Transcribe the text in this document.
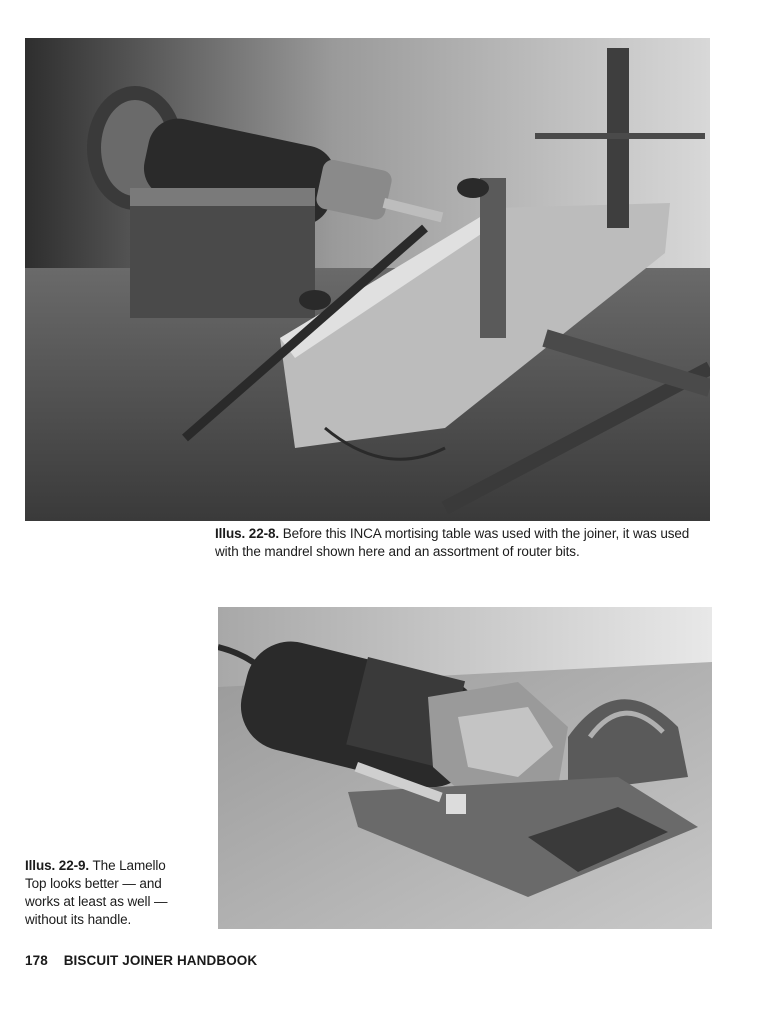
Illus. 22-8. Before this INCA mortising table was used with the joiner, it was used with the mandrel shown here and an assortment of router bits.
Illus. 22-9. The Lamello Top looks better — and works at least as well — without its handle.
178 BISCUIT JOINER HANDBOOK
